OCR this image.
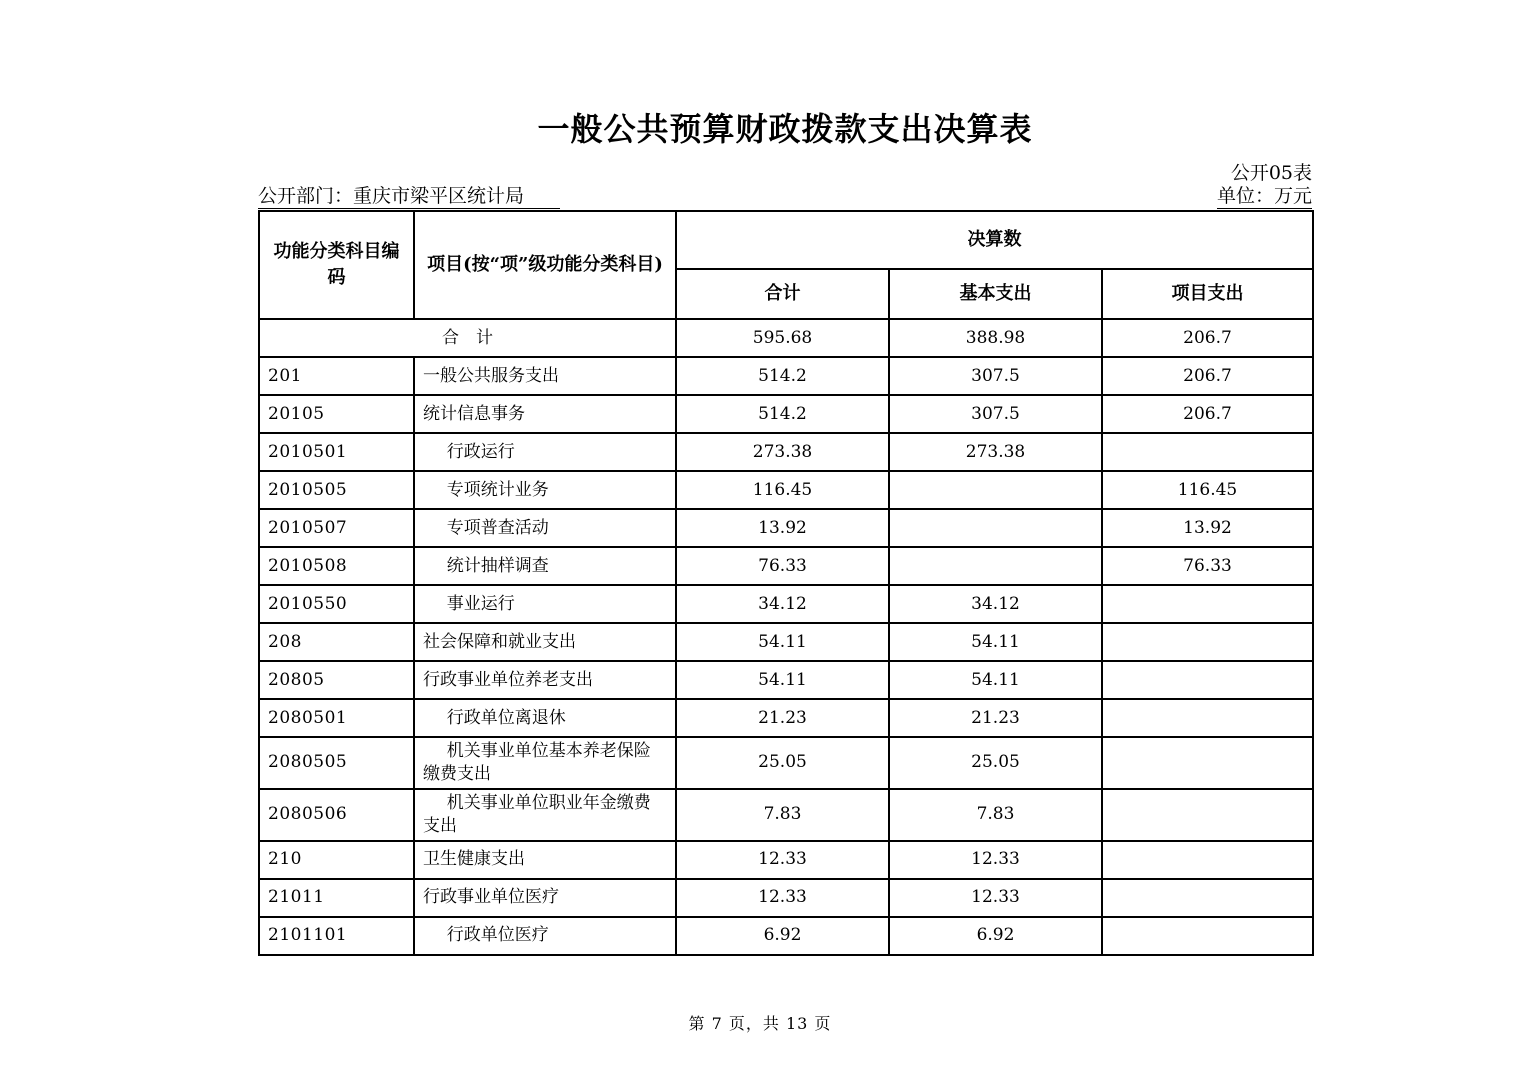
一般公共预算财政拨款支出决算表
公开05表
公开部门：重庆市梁平区统计局	单位：万元
功能分类科目编码	项目(按“项”级功能分类科目)	决算数		
		合计	基本支出	项目支出
合　计		595.68	388.98	206.7
201	一般公共服务支出	514.2	307.5	206.7
20105	统计信息事务	514.2	307.5	206.7
2010501	行政运行	273.38	273.38	
2010505	专项统计业务	116.45		116.45
2010507	专项普查活动	13.92		13.92
2010508	统计抽样调查	76.33		76.33
2010550	事业运行	34.12	34.12	
208	社会保障和就业支出	54.11	54.11	
20805	行政事业单位养老支出	54.11	54.11	
2080501	行政单位离退休	21.23	21.23	
2080505	机关事业单位基本养老保险缴费支出	25.05	25.05	
2080506	机关事业单位职业年金缴费支出	7.83	7.83	
210	卫生健康支出	12.33	12.33	
21011	行政事业单位医疗	12.33	12.33	
2101101	行政单位医疗	6.92	6.92	
第 7 页，共 13 页
